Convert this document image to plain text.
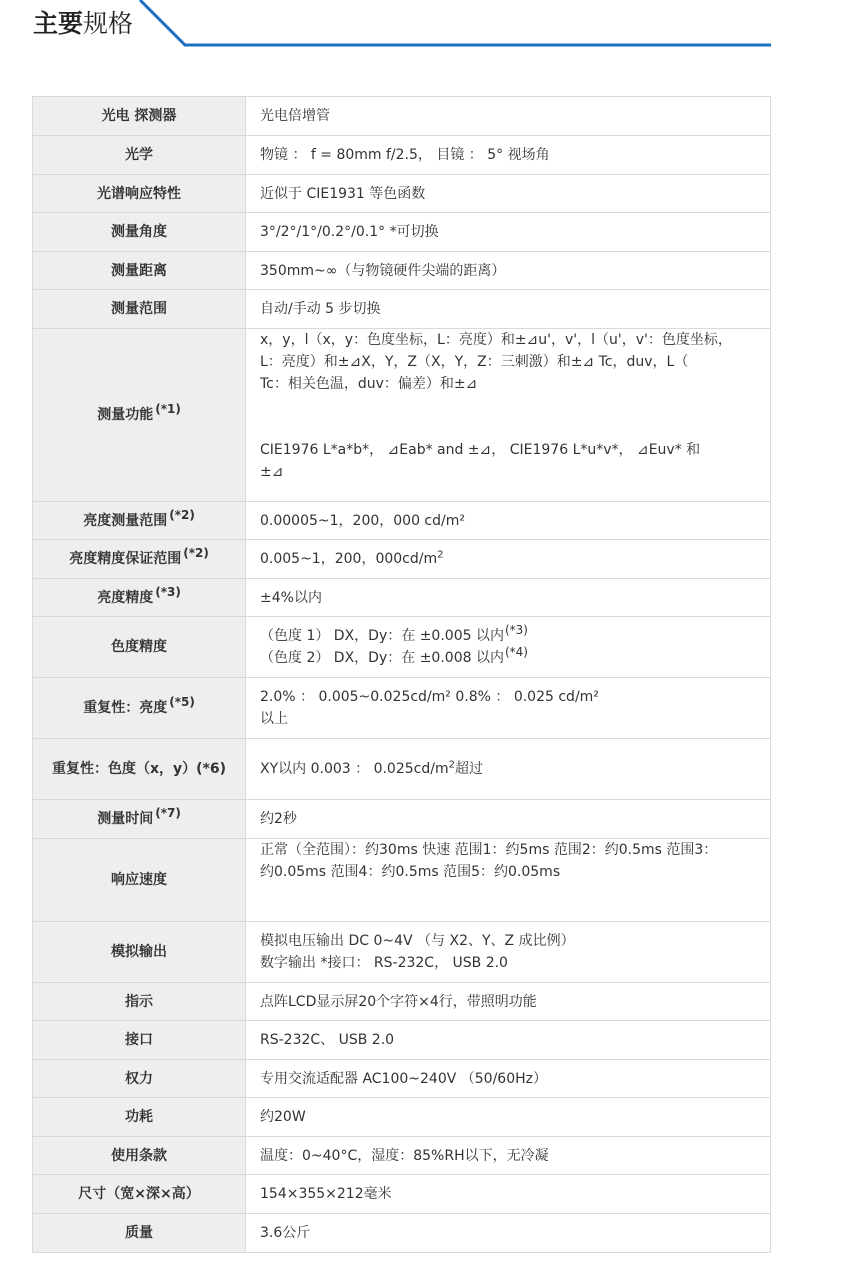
主要规格
光电 探测器	光电倍增管
光学	物镜 ： f = 80mm f/2.5， 目镜 ： 5° 视场角
光谱响应特性	近似于 CIE1931 等色函数
测量角度	3°/2°/1°/0.2°/0.1° *可切换
测量距离	350mm~∞（与物镜硬件尖端的距离）
测量范围	自动/手动 5 步切换
测量功能 (*1)	x，y，l（x，y：色度坐标，L：亮度）和±⊿u'，v'，l（u'，v'：色度坐标，
L：亮度）和±⊿X，Y，Z（X，Y，Z：三刺激）和±⊿ Tc，duv，L（
Tc：相关色温，duv：偏差）和±⊿
CIE1976 L*a*b*， ⊿Eab* and ±⊿， CIE1976 L*u*v*， ⊿Euv* 和
±⊿

亮度测量范围 (*2)	0.00005~1，200，000 cd/m²
亮度精度保证范围 (*2)	0.005~1，200，$000cd/m^2$
亮度精度 (*3)	±4%以内
色度精度	（色度 1） DX，Dy：在 ±0.005 以内(*3)
（色度 2） DX，Dy：在 ±0.008 以内(*4)

重复性：亮度 (*5)	2.0% ： 0.005~0.025cd/m² 0.8% ： 0.025 cd/m²
以上

重复性：色度（x，y）(*6)	XY以内 0.003 ： $0.025cd/m^2$超过
测量时间 (*7)	约2秒
响应速度	正常（全范围）：约30ms 快速 范围1：约5ms 范围2：约0.5ms 范围3：
约0.05ms 范围4：约0.5ms 范围5：约0.05ms

模拟输出	模拟电压输出 DC 0~4V （与 X2、Y、Z 成比例）
数字输出 *接口： RS-232C， USB 2.0

指示	点阵LCD显示屏20个字符×4行，带照明功能
接口	RS-232C、 USB 2.0
权力	专用交流适配器 AC100~240V （50/60Hz）
功耗	约20W
使用条款	温度：0~40°C，湿度：85%RH以下，无冷凝
尺寸（宽×深×高）	154×355×212毫米
质量	3.6公斤
